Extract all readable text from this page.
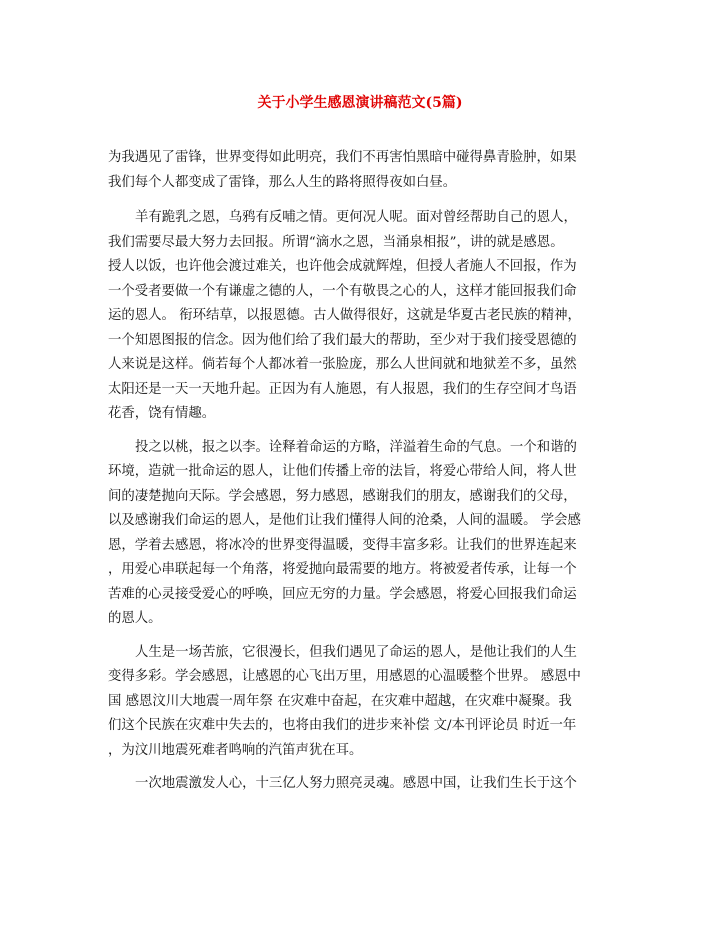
关于小学生感恩演讲稿范文(5篇)
为我遇见了雷锋，世界变得如此明亮，我们不再害怕黑暗中碰得鼻青脸肿，如果
我们每个人都变成了雷锋，那么人生的路将照得夜如白昼。
羊有跪乳之恩，乌鸦有反哺之情。更何况人呢。面对曾经帮助自己的恩人，
我们需要尽最大努力去回报。所谓“滴水之恩，当涌泉相报”，讲的就是感恩。
授人以饭，也许他会渡过难关，也许他会成就辉煌，但授人者施人不回报，作为
一个受者要做一个有谦虚之德的人，一个有敬畏之心的人，这样才能回报我们命
运的恩人。 衔环结草，以报恩德。古人做得很好，这就是华夏古老民族的精神，
一个知恩图报的信念。因为他们给了我们最大的帮助，至少对于我们接受恩德的
人来说是这样。倘若每个人都冰着一张脸庞，那么人世间就和地狱差不多，虽然
太阳还是一天一天地升起。正因为有人施恩，有人报恩，我们的生存空间才鸟语
花香，饶有情趣。
投之以桃，报之以李。诠释着命运的方略，洋溢着生命的气息。一个和谐的
环境，造就一批命运的恩人，让他们传播上帝的法旨，将爱心带给人间，将人世
间的凄楚抛向天际。学会感恩，努力感恩，感谢我们的朋友，感谢我们的父母，
以及感谢我们命运的恩人，是他们让我们懂得人间的沧桑，人间的温暖。 学会感
恩，学着去感恩，将冰冷的世界变得温暖，变得丰富多彩。让我们的世界连起来
，用爱心串联起每一个角落，将爱抛向最需要的地方。将被爱者传承，让每一个
苦难的心灵接受爱心的呼唤，回应无穷的力量。学会感恩，将爱心回报我们命运
的恩人。
人生是一场苦旅，它很漫长，但我们遇见了命运的恩人，是他让我们的人生
变得多彩。学会感恩，让感恩的心飞出万里，用感恩的心温暖整个世界。 感恩中
国 感恩汶川大地震一周年祭 在灾难中奋起，在灾难中超越，在灾难中凝聚。我
们这个民族在灾难中失去的，也将由我们的进步来补偿 文/本刊评论员 时近一年
，为汶川地震死难者鸣响的汽笛声犹在耳。
一次地震激发人心，十三亿人努力照亮灵魂。感恩中国，让我们生长于这个
